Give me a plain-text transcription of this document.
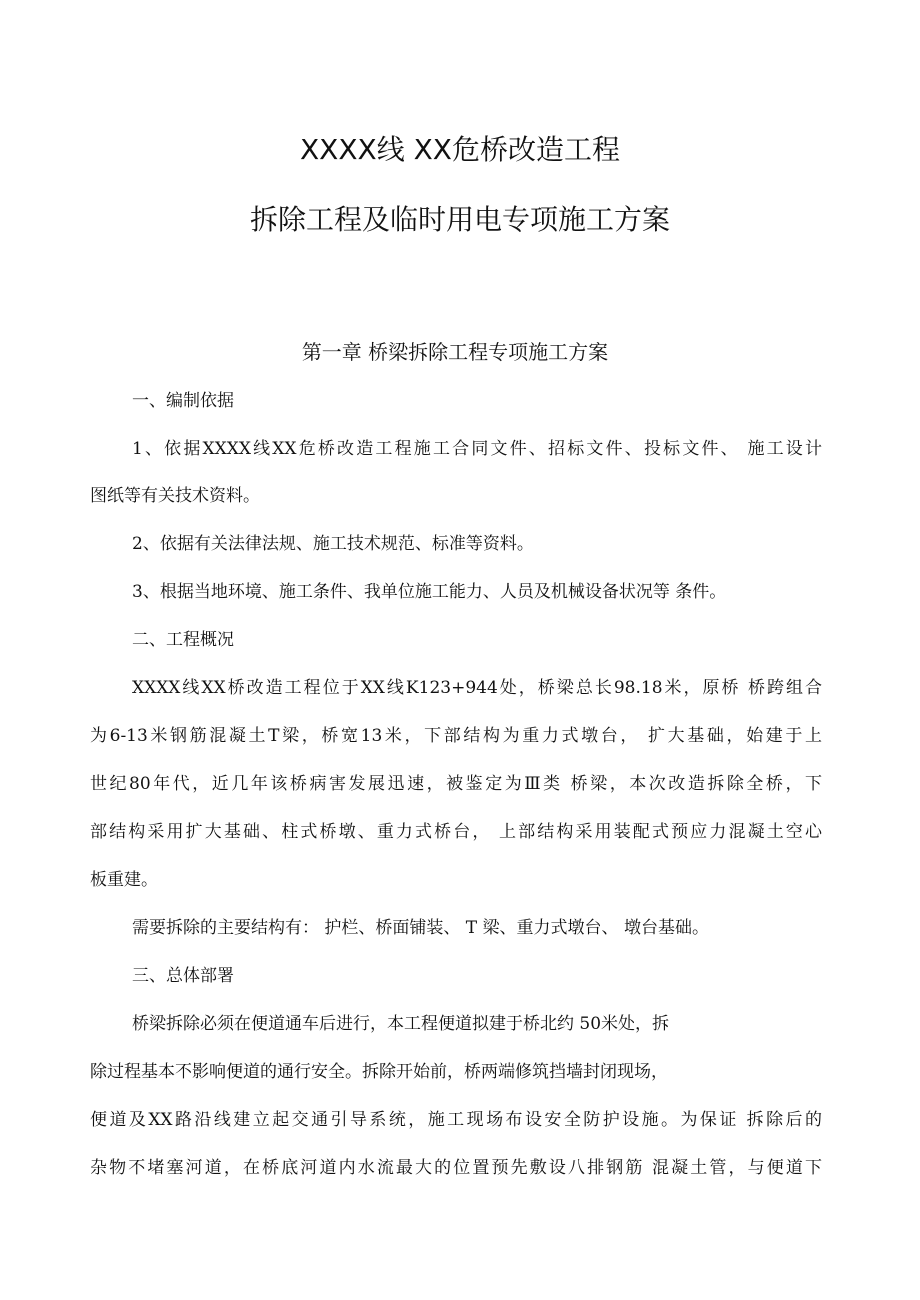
XXXX线 XX危桥改造工程
拆除工程及临时用电专项施工方案
第一章 桥梁拆除工程专项施工方案
一、编制依据
1、依据XXXX线XX危桥改造工程施工合同文件、招标文件、投标文件、 施工设计
图纸等有关技术资料。
2、依据有关法律法规、施工技术规范、标准等资料。
3、根据当地环境、施工条件、我单位施工能力、人员及机械设备状况等 条件。
二、工程概况
XXXX线XX桥改造工程位于XX线K123+944处，桥梁总长98.18米，原桥 桥跨组合
为6-13米钢筋混凝土T梁，桥宽13米，下部结构为重力式墩台， 扩大基础，始建于上
世纪80年代，近几年该桥病害发展迅速，被鉴定为Ⅲ类 桥梁，本次改造拆除全桥，下
部结构采用扩大基础、柱式桥墩、重力式桥台， 上部结构采用装配式预应力混凝土空心
板重建。
需要拆除的主要结构有： 护栏、桥面铺装、 T 梁、重力式墩台、 墩台基础。
三、总体部署
桥梁拆除必须在便道通车后进行，本工程便道拟建于桥北约 50米处，拆
除过程基本不影响便道的通行安全。拆除开始前，桥两端修筑挡墙封闭现场，
便道及XX路沿线建立起交通引导系统，施工现场布设安全防护设施。为保证 拆除后的
杂物不堵塞河道，在桥底河道内水流最大的位置预先敷设八排钢筋 混凝土管，与便道下
